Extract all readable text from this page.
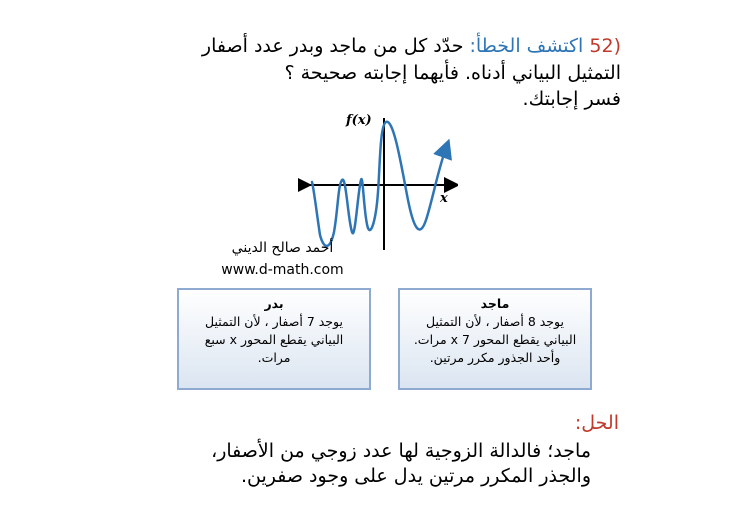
(52 اكتشف الخطأ: حدّد كل من ماجد وبدر عدد أصفار
التمثيل البياني أدناه. فأيهما إجابته صحيحة ؟
فسر إجابتك.
f(x)
x
أحمد صالح الديني
www.d-math.com
بدر
يوجد 7 أصفار ، لأن التمثيل البياني يقطع المحور x سبع مرات.
ماجد
يوجد 8 أصفار ، لأن التمثيل البياني يقطع المحور x 7 مرات. وأحد الجذور مكرر مرتين.
الحل:
ماجد؛ فالدالة الزوجية لها عدد زوجي من الأصفار،
والجذر المكرر مرتين يدل على وجود صفرين.
